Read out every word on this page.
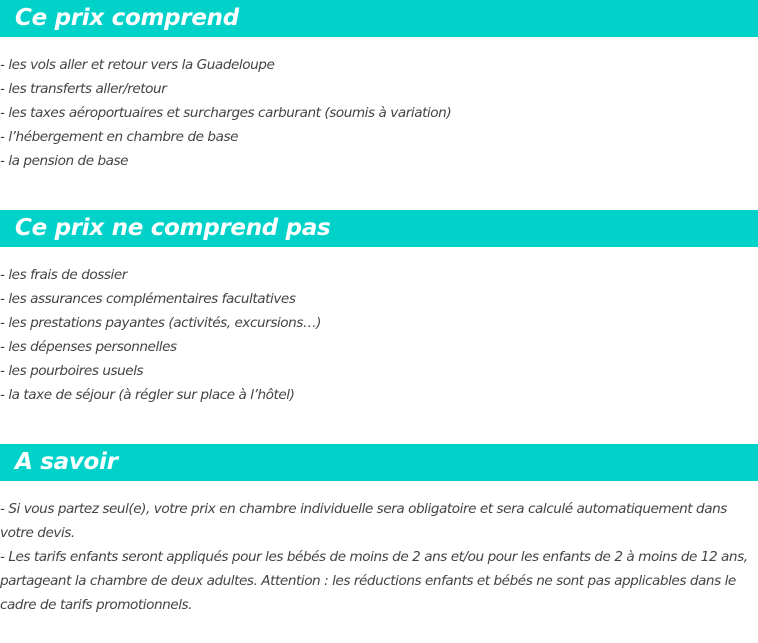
Ce prix comprend
- les vols aller et retour vers la Guadeloupe
- les transferts aller/retour
- les taxes aéroportuaires et surcharges carburant (soumis à variation)
- l’hébergement en chambre de base
- la pension de base
Ce prix ne comprend pas
- les frais de dossier
- les assurances complémentaires facultatives
- les prestations payantes (activités, excursions…)
- les dépenses personnelles
- les pourboires usuels
- la taxe de séjour (à régler sur place à l’hôtel)
A savoir

- Si vous partez seul(e), votre prix en chambre individuelle sera obligatoire et sera calculé automatiquement dans votre devis.

- Les tarifs enfants seront appliqués pour les bébés de moins de 2 ans et/ou pour les enfants de 2 à moins de 12 ans, partageant la chambre de deux adultes. Attention : les réductions enfants et bébés ne sont pas applicables dans le cadre de tarifs promotionnels.
